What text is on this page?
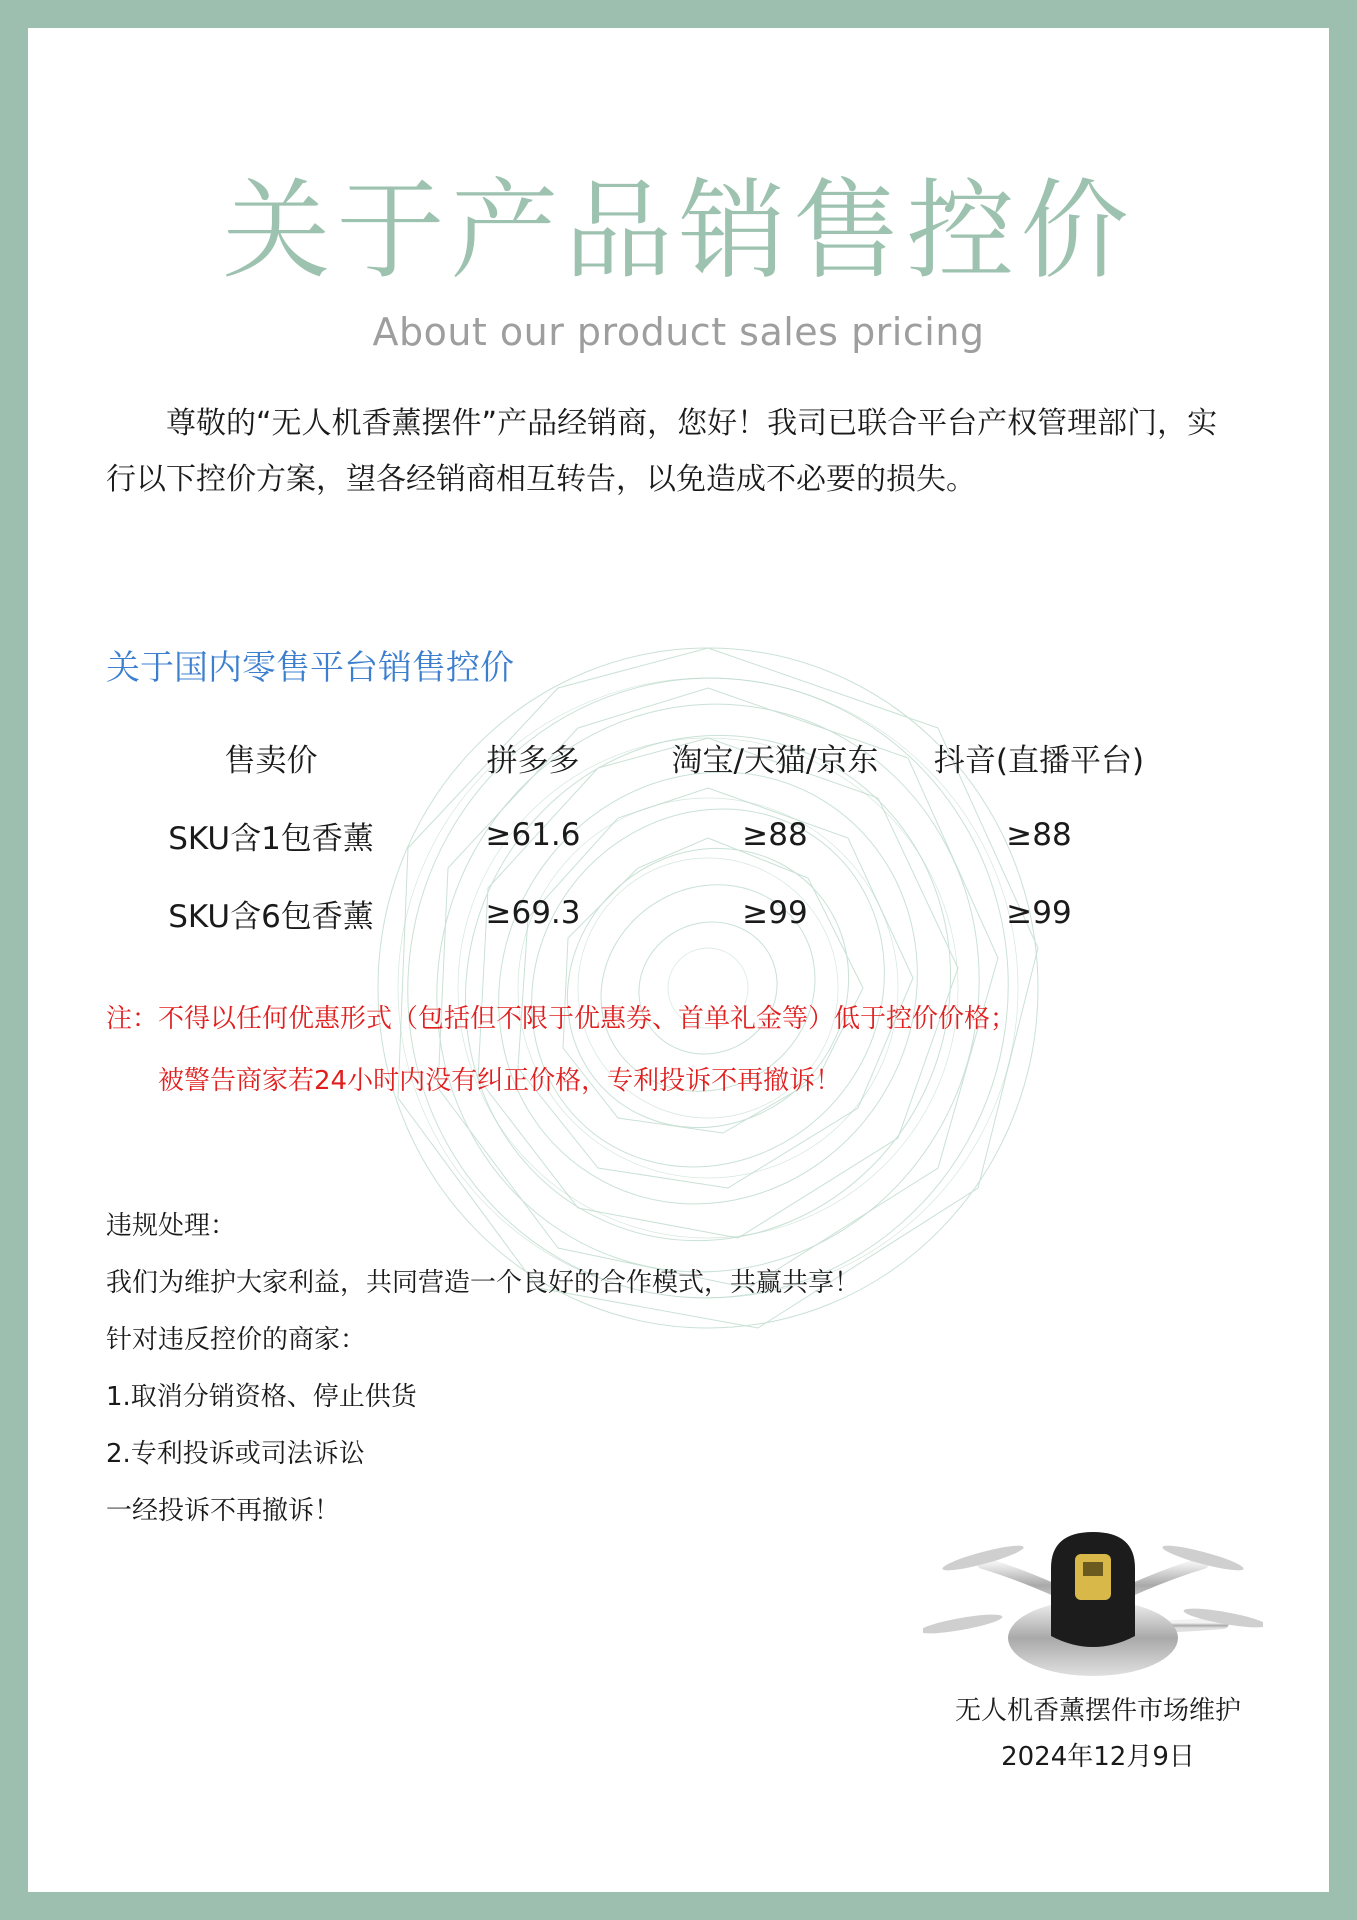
关于产品销售控价
About our product sales pricing
尊敬的“无人机香薰摆件”产品经销商，您好！我司已联合平台产权管理部门，实行以下控价方案，望各经销商相互转告，以免造成不必要的损失。
关于国内零售平台销售控价
售卖价	拼多多	淘宝/天猫/京东	抖音(直播平台)
SKU含1包香薰	≥61.6	≥88	≥88
SKU含6包香薰	≥69.3	≥99	≥99
注：不得以任何优惠形式（包括但不限于优惠券、首单礼金等）低于控价价格；
被警告商家若24小时内没有纠正价格，专利投诉不再撤诉！
违规处理：
我们为维护大家利益，共同营造一个良好的合作模式，共赢共享！
针对违反控价的商家：
1.取消分销资格、停止供货
2.专利投诉或司法诉讼
一经投诉不再撤诉！
无人机香薰摆件市场维护
2024年12月9日
